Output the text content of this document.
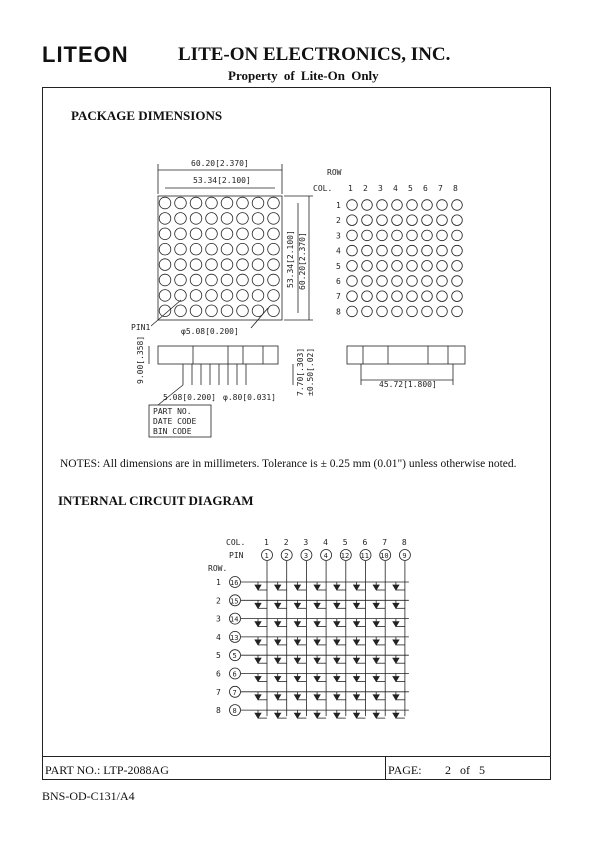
LITEON	LITE-ON ELECTRONICS, INC.
Property of Lite-On Only
PACKAGE DIMENSIONS
60.20[2.370]
53.34[2.100]
53.34[2.100] 60.20[2.370]
PIN1	φ5.08[0.200]
9.00[.358]	7.70[.303] ±0.50[.02]
5.08[0.200] φ.80[0.031]
45.72[1.800]
PART NO.
DATE CODE
BIN CODE
ROW
COL. 1 2 3 4 5 6 7 8
1
2
3
4
5
6
7
8
NOTES: All dimensions are in millimeters. Tolerance is ± 0.25 mm (0.01") unless otherwise noted.
INTERNAL CIRCUIT DIAGRAM
COL.
PIN
ROW.
1 2 3 4 5 6 7 8
1 2 3 4 12 11 10 9
1 16
2 15
3 14
4 13
5 5
6 6
7 7
8 8
PART NO.: LTP-2088AG	PAGE: 2 of 5
BNS-OD-C131/A4
